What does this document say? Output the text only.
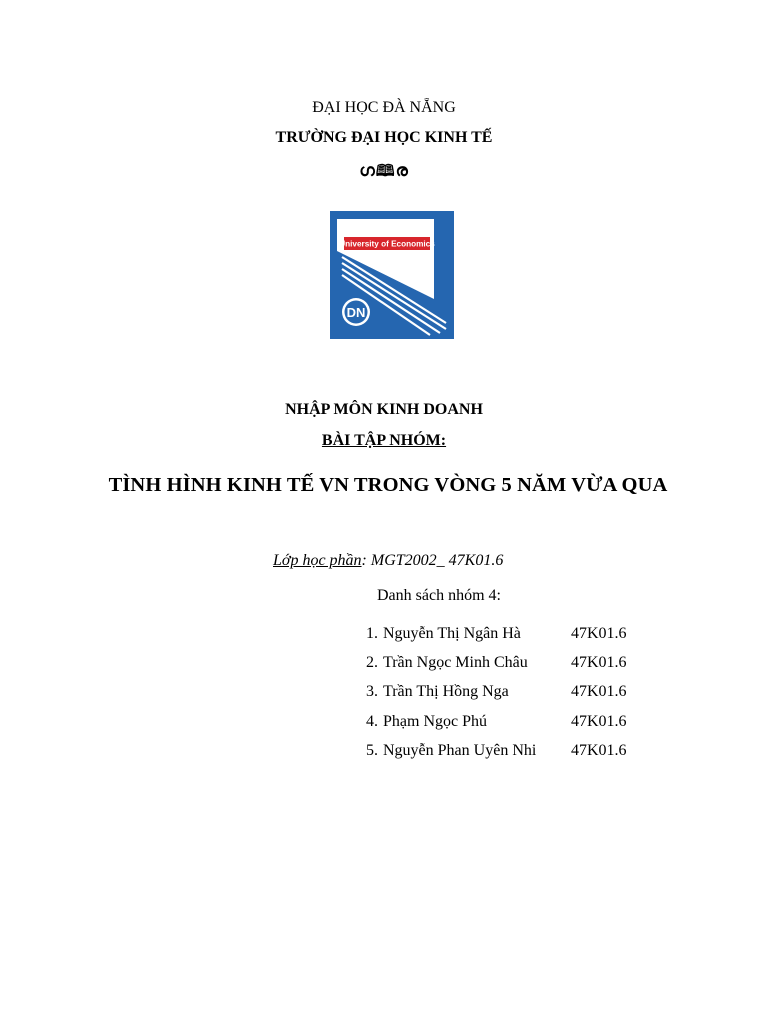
ĐẠI HỌC ĐÀ NẴNG
TRƯỜNG ĐẠI HỌC KINH TẾ
ഗ🕮ര
University of Economics
DN
NHẬP MÔN KINH DOANH
BÀI TẬP NHÓM:
TÌNH HÌNH KINH TẾ VN TRONG VÒNG 5 NĂM VỪA QUA
Lớp học phần: MGT2002_ 47K01.6
Danh sách nhóm 4:
1. Nguyễn Thị Ngân Hà	47K01.6
2. Trần Ngọc Minh Châu	47K01.6
3. Trần Thị Hồng Nga	47K01.6
4. Phạm Ngọc Phú	47K01.6
5. Nguyễn Phan Uyên Nhi 47K01.6
